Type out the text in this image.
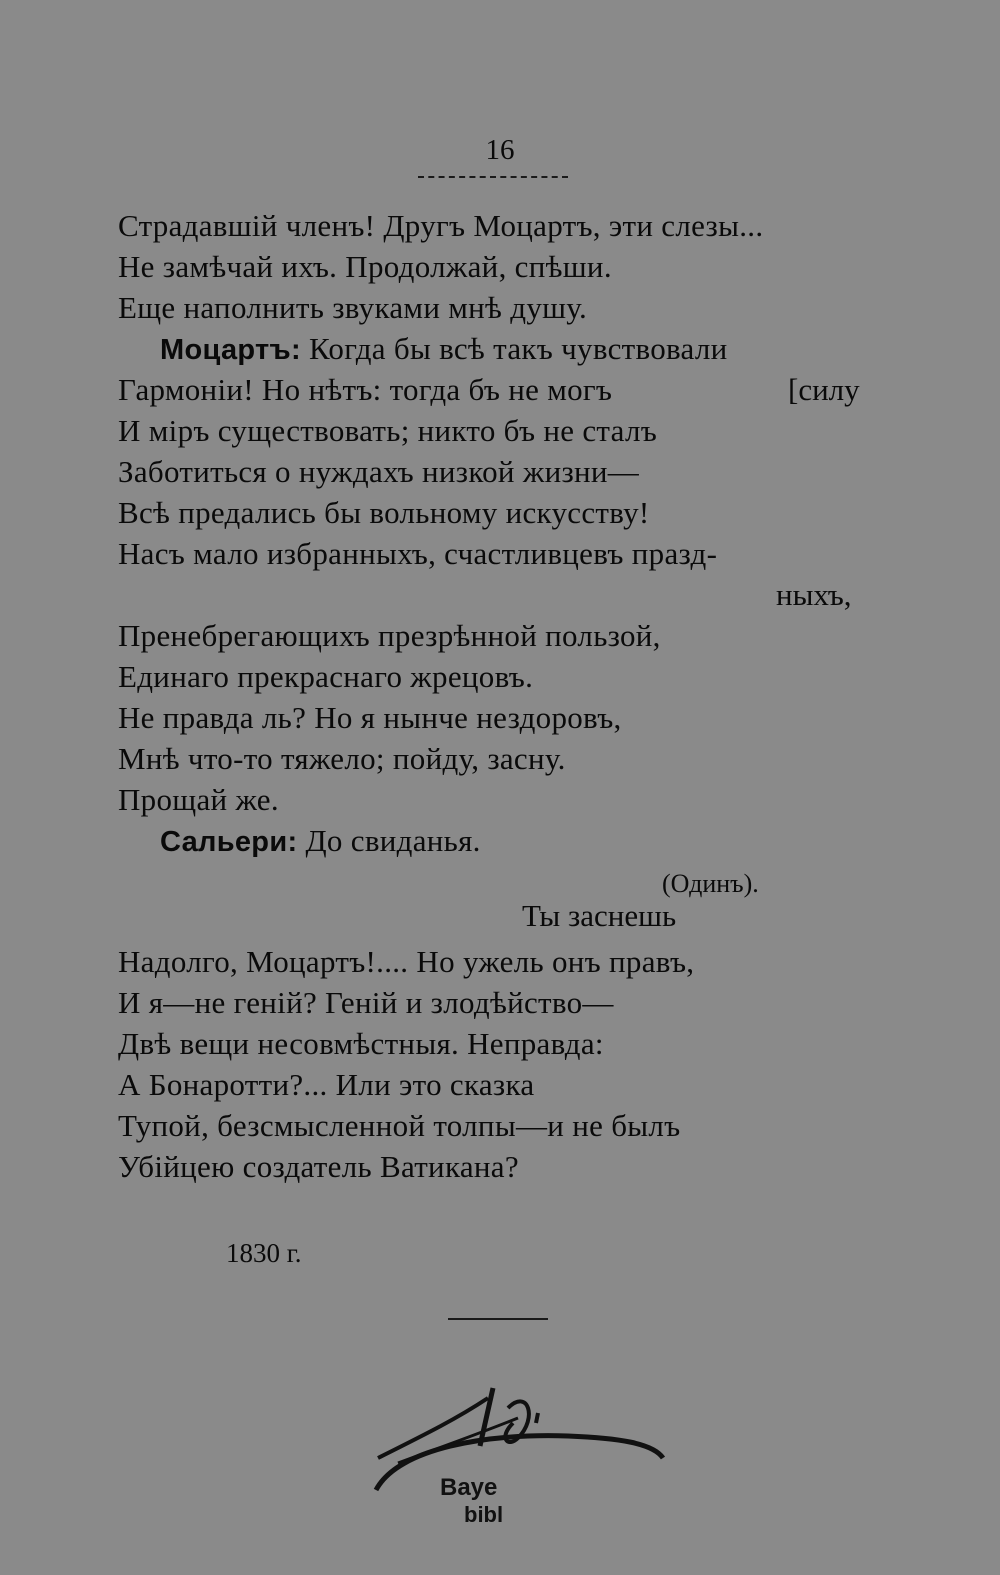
16
Страдавшій членъ! Другъ Моцартъ, эти слезы...
Не замѣчай ихъ. Продолжай, спѣши.
Еще наполнить звуками мнѣ душу.
Моцартъ: Когда бы всѣ такъ чувствовали
Гармоніи! Но нѣтъ: тогда бъ не могъ	[силу
И міръ существовать; никто бъ не сталъ
Заботиться о нуждахъ низкой жизни—
Всѣ предались бы вольному искусству!
Насъ мало избранныхъ, счастливцевъ празд-
ныхъ,
Пренебрегающихъ презрѣнной пользой,
Единаго прекраснаго жрецовъ.
Не правда ль? Но я нынче нездоровъ,
Мнѣ что-то тяжело; пойду, засну.
Прощай же.
Сальери: До свиданья.
(Одинъ).
Ты заснешь
Надолго, Моцартъ!.... Но ужель онъ правъ,
И я—не геній? Геній и злодѣйство—
Двѣ вещи несовмѣстныя. Неправда:
А Бонаротти?... Или это сказка
Тупой, безсмысленной толпы—и не былъ
Убійцею создатель Ватикана?
1830 г.
Baye
bibl
